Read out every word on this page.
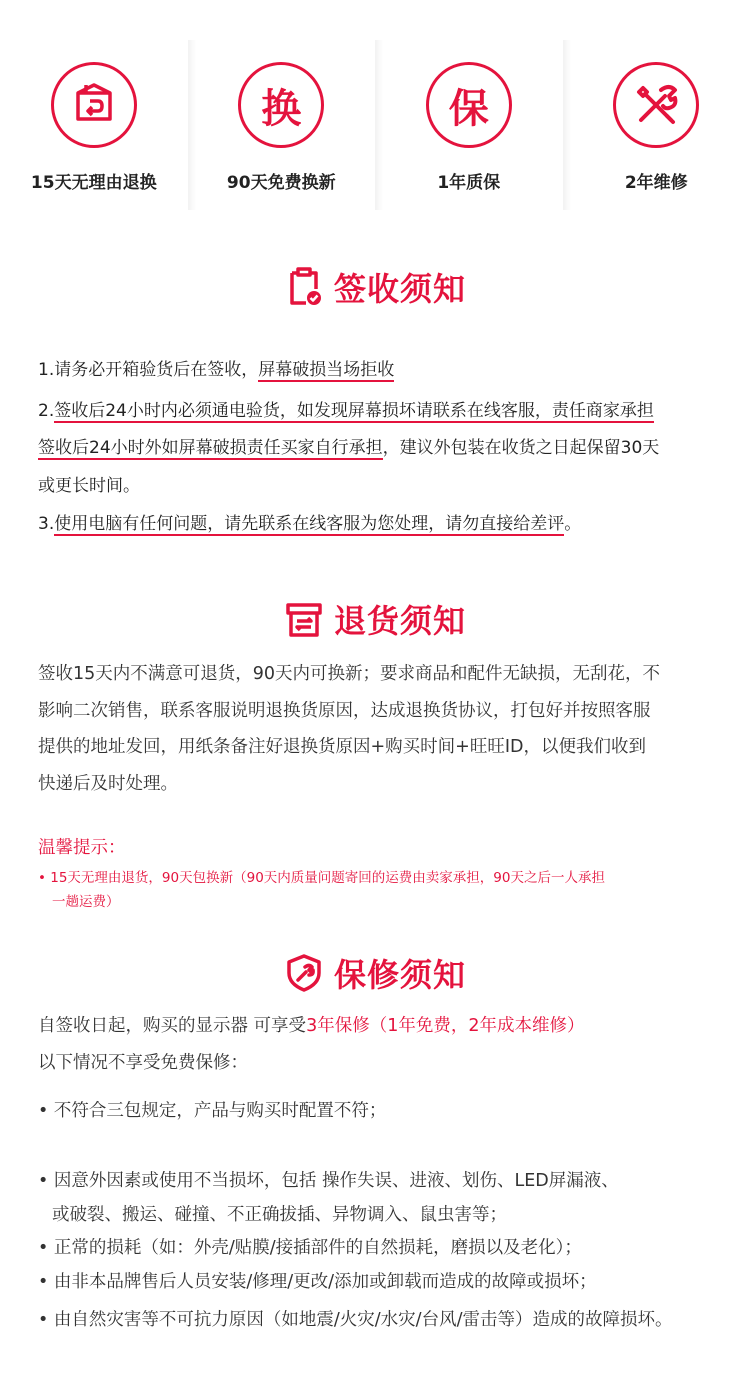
15天无理由退换
换
90天免费换新
保
1年质保	2年维修
签收须知
1.请务必开箱验货后在签收，屏幕破损当场拒收
2.签收后24小时内必须通电验货，如发现屏幕损坏请联系在线客服，责任商家承担
签收后24小时外如屏幕破损责任买家自行承担，建议外包装在收货之日起保留30天
或更长时间。
3.使用电脑有任何问题，请先联系在线客服为您处理，请勿直接给差评。
退货须知
签收15天内不满意可退货，90天内可换新；要求商品和配件无缺损，无刮花，不
影响二次销售，联系客服说明退换货原因，达成退换货协议，打包好并按照客服
提供的地址发回，用纸条备注好退换货原因+购买时间+旺旺ID，以便我们收到
快递后及时处理。
温馨提示：
• 15天无理由退货，90天包换新（90天内质量问题寄回的运费由卖家承担，90天之后一人承担
一趟运费）
保修须知
自签收日起，购买的显示器 可享受3年保修（1年免费，2年成本维修）
以下情况不享受免费保修：
• 不符合三包规定，产品与购买时配置不符；
• 因意外因素或使用不当损坏，包括 操作失误、进液、划伤、LED屏漏液、
或破裂、搬运、碰撞、不正确拔插、异物调入、鼠虫害等；
• 正常的损耗（如：外壳/贴膜/接插部件的自然损耗，磨损以及老化）；
• 由非本品牌售后人员安装/修理/更改/添加或卸载而造成的故障或损坏；
• 由自然灾害等不可抗力原因（如地震/火灾/水灾/台风/雷击等）造成的故障损坏。
